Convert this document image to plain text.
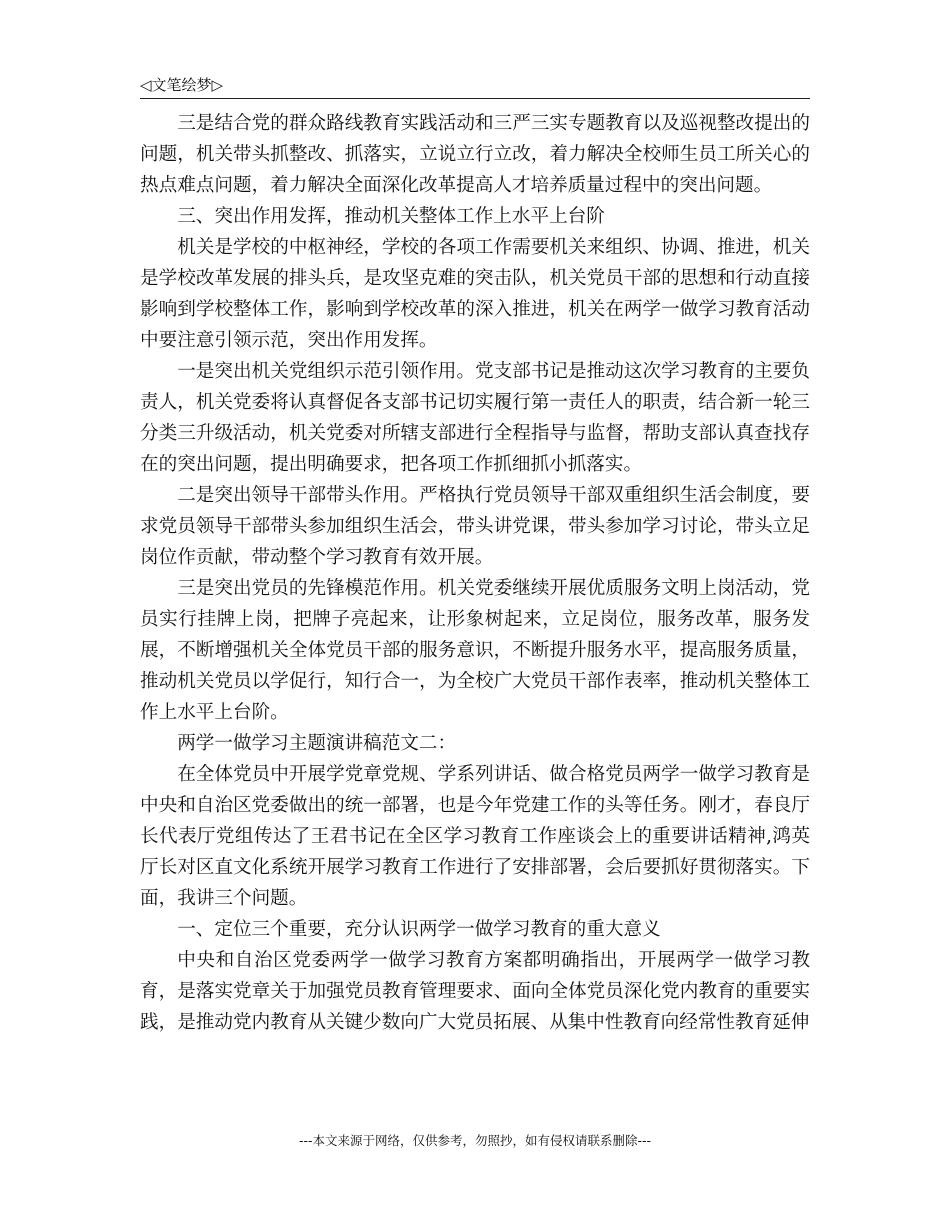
◁文笔绘梦▷

三是结合党的群众路线教育实践活动和三严三实专题教育以及巡视整改提出的问题，机关带头抓整改、抓落实，立说立行立改，着力解决全校师生员工所关心的热点难点问题，着力解决全面深化改革提高人才培养质量过程中的突出问题。

三、突出作用发挥，推动机关整体工作上水平上台阶

机关是学校的中枢神经，学校的各项工作需要机关来组织、协调、推进，机关是学校改革发展的排头兵，是攻坚克难的突击队，机关党员干部的思想和行动直接影响到学校整体工作，影响到学校改革的深入推进，机关在两学一做学习教育活动中要注意引领示范，突出作用发挥。

一是突出机关党组织示范引领作用。党支部书记是推动这次学习教育的主要负责人，机关党委将认真督促各支部书记切实履行第一责任人的职责，结合新一轮三分类三升级活动，机关党委对所辖支部进行全程指导与监督，帮助支部认真查找存在的突出问题，提出明确要求，把各项工作抓细抓小抓落实。

二是突出领导干部带头作用。严格执行党员领导干部双重组织生活会制度，要求党员领导干部带头参加组织生活会，带头讲党课，带头参加学习讨论，带头立足岗位作贡献，带动整个学习教育有效开展。

三是突出党员的先锋模范作用。机关党委继续开展优质服务文明上岗活动，党员实行挂牌上岗，把牌子亮起来，让形象树起来，立足岗位，服务改革，服务发展，不断增强机关全体党员干部的服务意识，不断提升服务水平，提高服务质量，推动机关党员以学促行，知行合一，为全校广大党员干部作表率，推动机关整体工作上水平上台阶。

两学一做学习主题演讲稿范文二：

在全体党员中开展学党章党规、学系列讲话、做合格党员两学一做学习教育是中央和自治区党委做出的统一部署，也是今年党建工作的头等任务。刚才，春良厅长代表厅党组传达了王君书记在全区学习教育工作座谈会上的重要讲话精神,鸿英厅长对区直文化系统开展学习教育工作进行了安排部署，会后要抓好贯彻落实。下面，我讲三个问题。

一、定位三个重要，充分认识两学一做学习教育的重大意义

中央和自治区党委两学一做学习教育方案都明确指出，开展两学一做学习教育，是落实党章关于加强党员教育管理要求、面向全体党员深化党内教育的重要实践，是推动党内教育从关键少数向广大党员拓展、从集中性教育向经常性教育延伸

---本文来源于网络，仅供参考，勿照抄，如有侵权请联系删除---
